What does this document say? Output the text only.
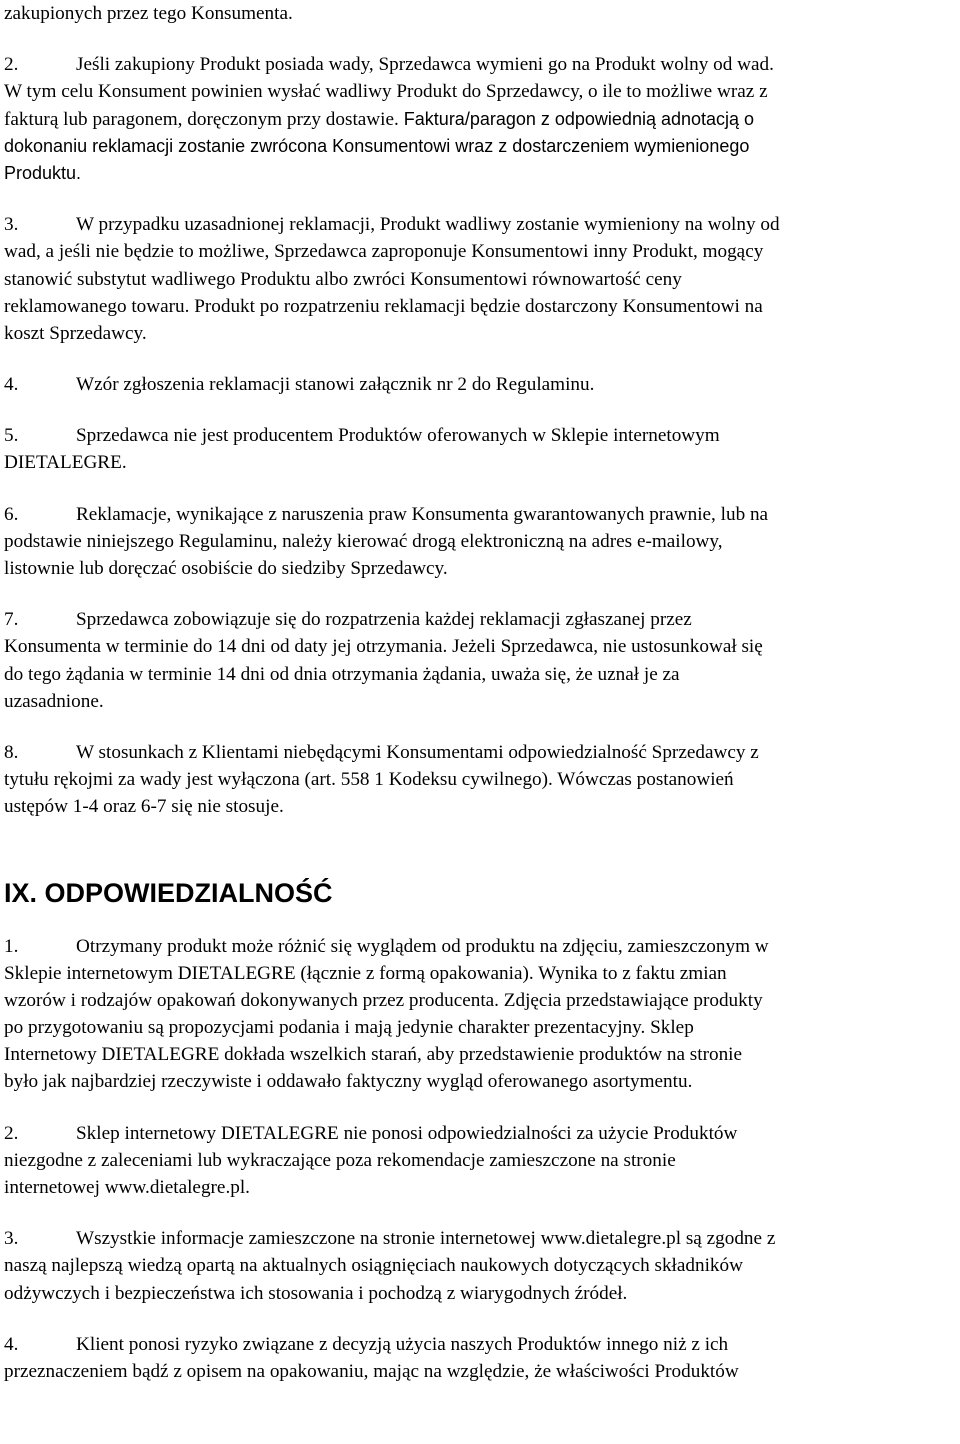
zakupionych przez tego Konsumenta.
2.	Jeśli zakupiony Produkt posiada wady, Sprzedawca wymieni go na Produkt wolny od wad.
W tym celu Konsument powinien wysłać wadliwy Produkt do Sprzedawcy, o ile to możliwe wraz z
fakturą lub paragonem, doręczonym przy dostawie. Faktura/paragon z odpowiednią adnotacją o
dokonaniu reklamacji zostanie zwrócona Konsumentowi wraz z dostarczeniem wymienionego
Produktu.
3.	W przypadku uzasadnionej reklamacji, Produkt wadliwy zostanie wymieniony na wolny od
wad, a jeśli nie będzie to możliwe, Sprzedawca zaproponuje Konsumentowi inny Produkt, mogący
stanowić substytut wadliwego Produktu albo zwróci Konsumentowi równowartość ceny
reklamowanego towaru. Produkt po rozpatrzeniu reklamacji będzie dostarczony Konsumentowi na
koszt Sprzedawcy.
4.	Wzór zgłoszenia reklamacji stanowi załącznik nr 2 do Regulaminu.
5.	Sprzedawca nie jest producentem Produktów oferowanych w Sklepie internetowym
DIETALEGRE.
6.	Reklamacje, wynikające z naruszenia praw Konsumenta gwarantowanych prawnie, lub na
podstawie niniejszego Regulaminu, należy kierować drogą elektroniczną na adres e-mailowy,
listownie lub doręczać osobiście do siedziby Sprzedawcy.
7.	Sprzedawca zobowiązuje się do rozpatrzenia każdej reklamacji zgłaszanej przez
Konsumenta w terminie do 14 dni od daty jej otrzymania. Jeżeli Sprzedawca, nie ustosunkował się
do tego żądania w terminie 14 dni od dnia otrzymania żądania, uważa się, że uznał je za
uzasadnione.
8.	W stosunkach z Klientami niebędącymi Konsumentami odpowiedzialność Sprzedawcy z
tytułu rękojmi za wady jest wyłączona (art. 558 1 Kodeksu cywilnego). Wówczas postanowień
ustępów 1-4 oraz 6-7 się nie stosuje.
IX. ODPOWIEDZIALNOŚĆ
1.	Otrzymany produkt może różnić się wyglądem od produktu na zdjęciu, zamieszczonym w
Sklepie internetowym DIETALEGRE (łącznie z formą opakowania). Wynika to z faktu zmian
wzorów i rodzajów opakowań dokonywanych przez producenta. Zdjęcia przedstawiające produkty
po przygotowaniu są propozycjami podania i mają jedynie charakter prezentacyjny. Sklep
Internetowy DIETALEGRE dokłada wszelkich starań, aby przedstawienie produktów na stronie
było jak najbardziej rzeczywiste i oddawało faktyczny wygląd oferowanego asortymentu.
2.	Sklep internetowy DIETALEGRE nie ponosi odpowiedzialności za użycie Produktów
niezgodne z zaleceniami lub wykraczające poza rekomendacje zamieszczone na stronie
internetowej www.dietalegre.pl.
3.	Wszystkie informacje zamieszczone na stronie internetowej www.dietalegre.pl są zgodne z
naszą najlepszą wiedzą opartą na aktualnych osiągnięciach naukowych dotyczących składników
odżywczych i bezpieczeństwa ich stosowania i pochodzą z wiarygodnych źródeł.
4.	Klient ponosi ryzyko związane z decyzją użycia naszych Produktów innego niż z ich
przeznaczeniem bądź z opisem na opakowaniu, mając na względzie, że właściwości Produktów
